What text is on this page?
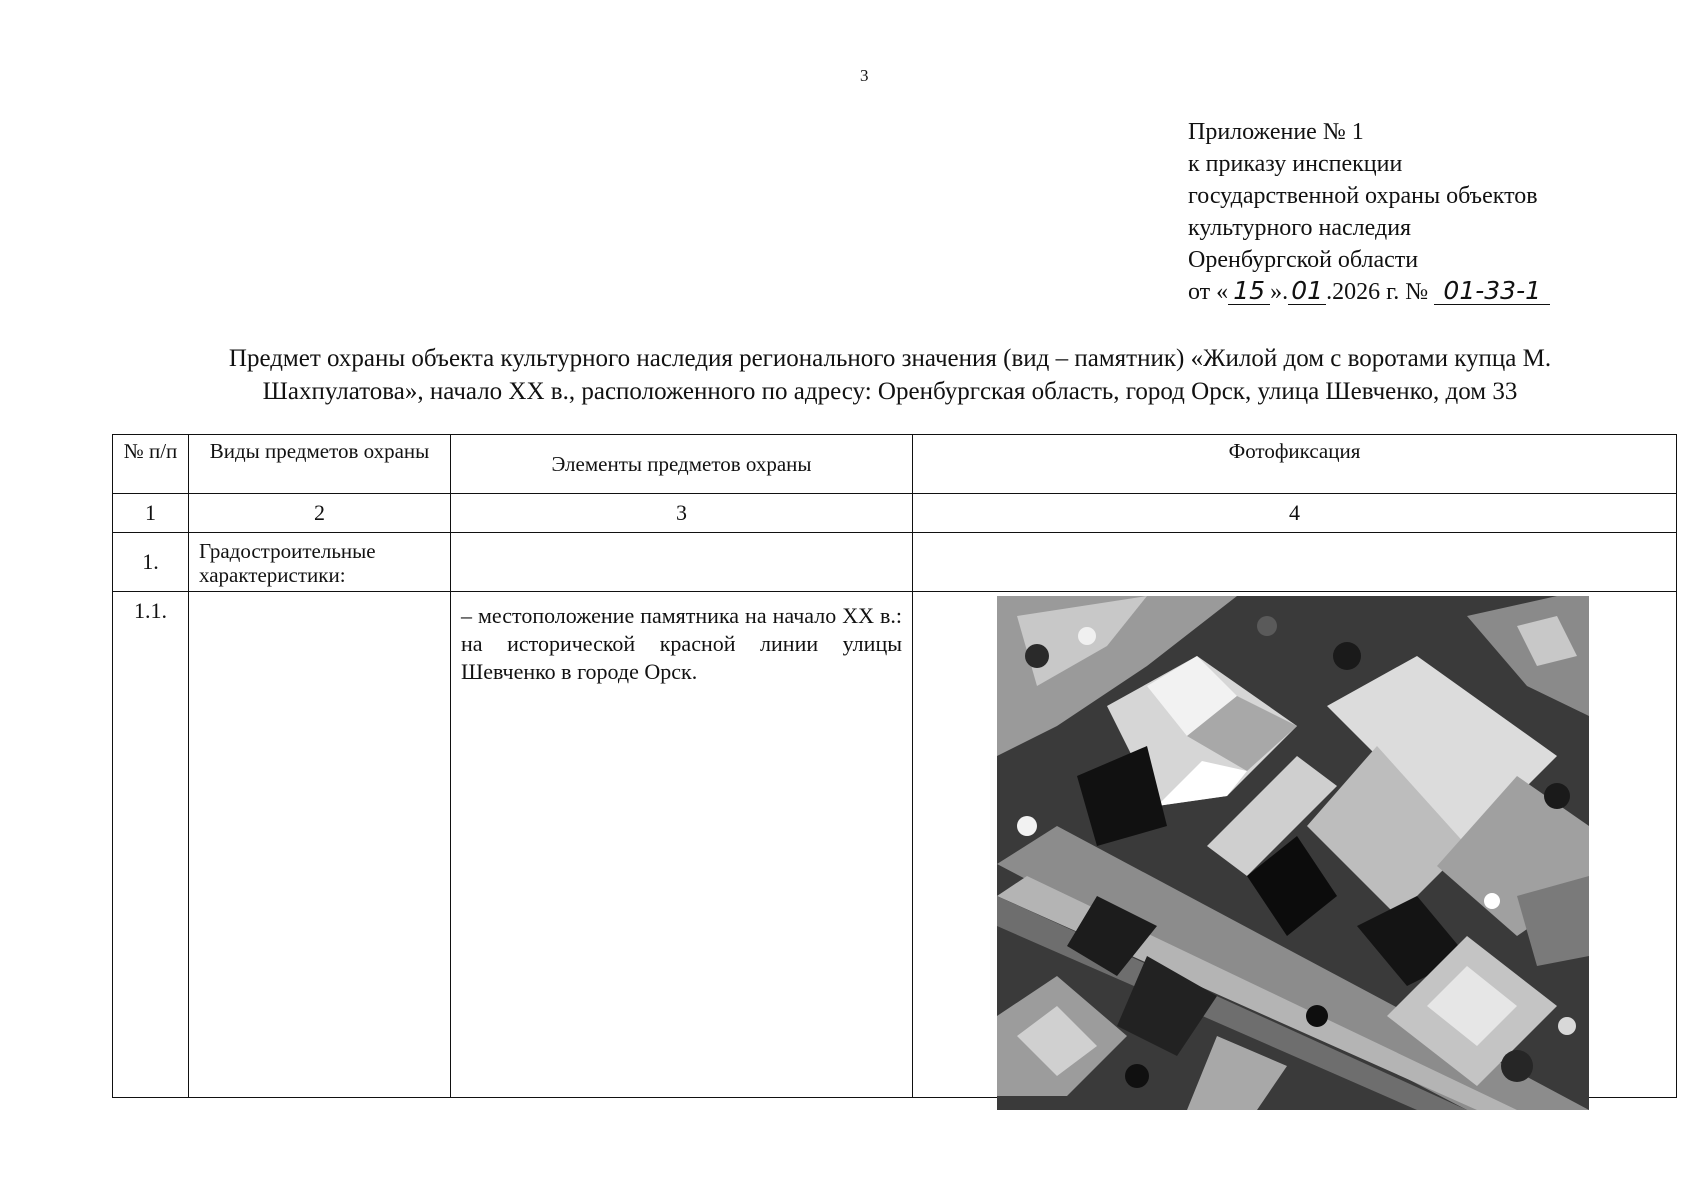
3
Приложение № 1
к приказу инспекции
государственной охраны объектов
культурного наследия
Оренбургской области
от « 15 ». 01 .2026 г. № 01-33-1
Предмет охраны объекта культурного наследия регионального значения (вид – памятник) «Жилой дом с воротами купца М.
Шахпулатова», начало XX в., расположенного по адресу: Оренбургская область, город Орск, улица Шевченко, дом 33
№ п/п	Виды предметов охраны	Элементы предметов охраны	Фотофиксация
1	2	3	4
1.	Градостроительные характеристики:		
1.1.		– местоположение памятника на начало XX в.: на исторической красной линии улицы Шевченко в городе Орск.	
